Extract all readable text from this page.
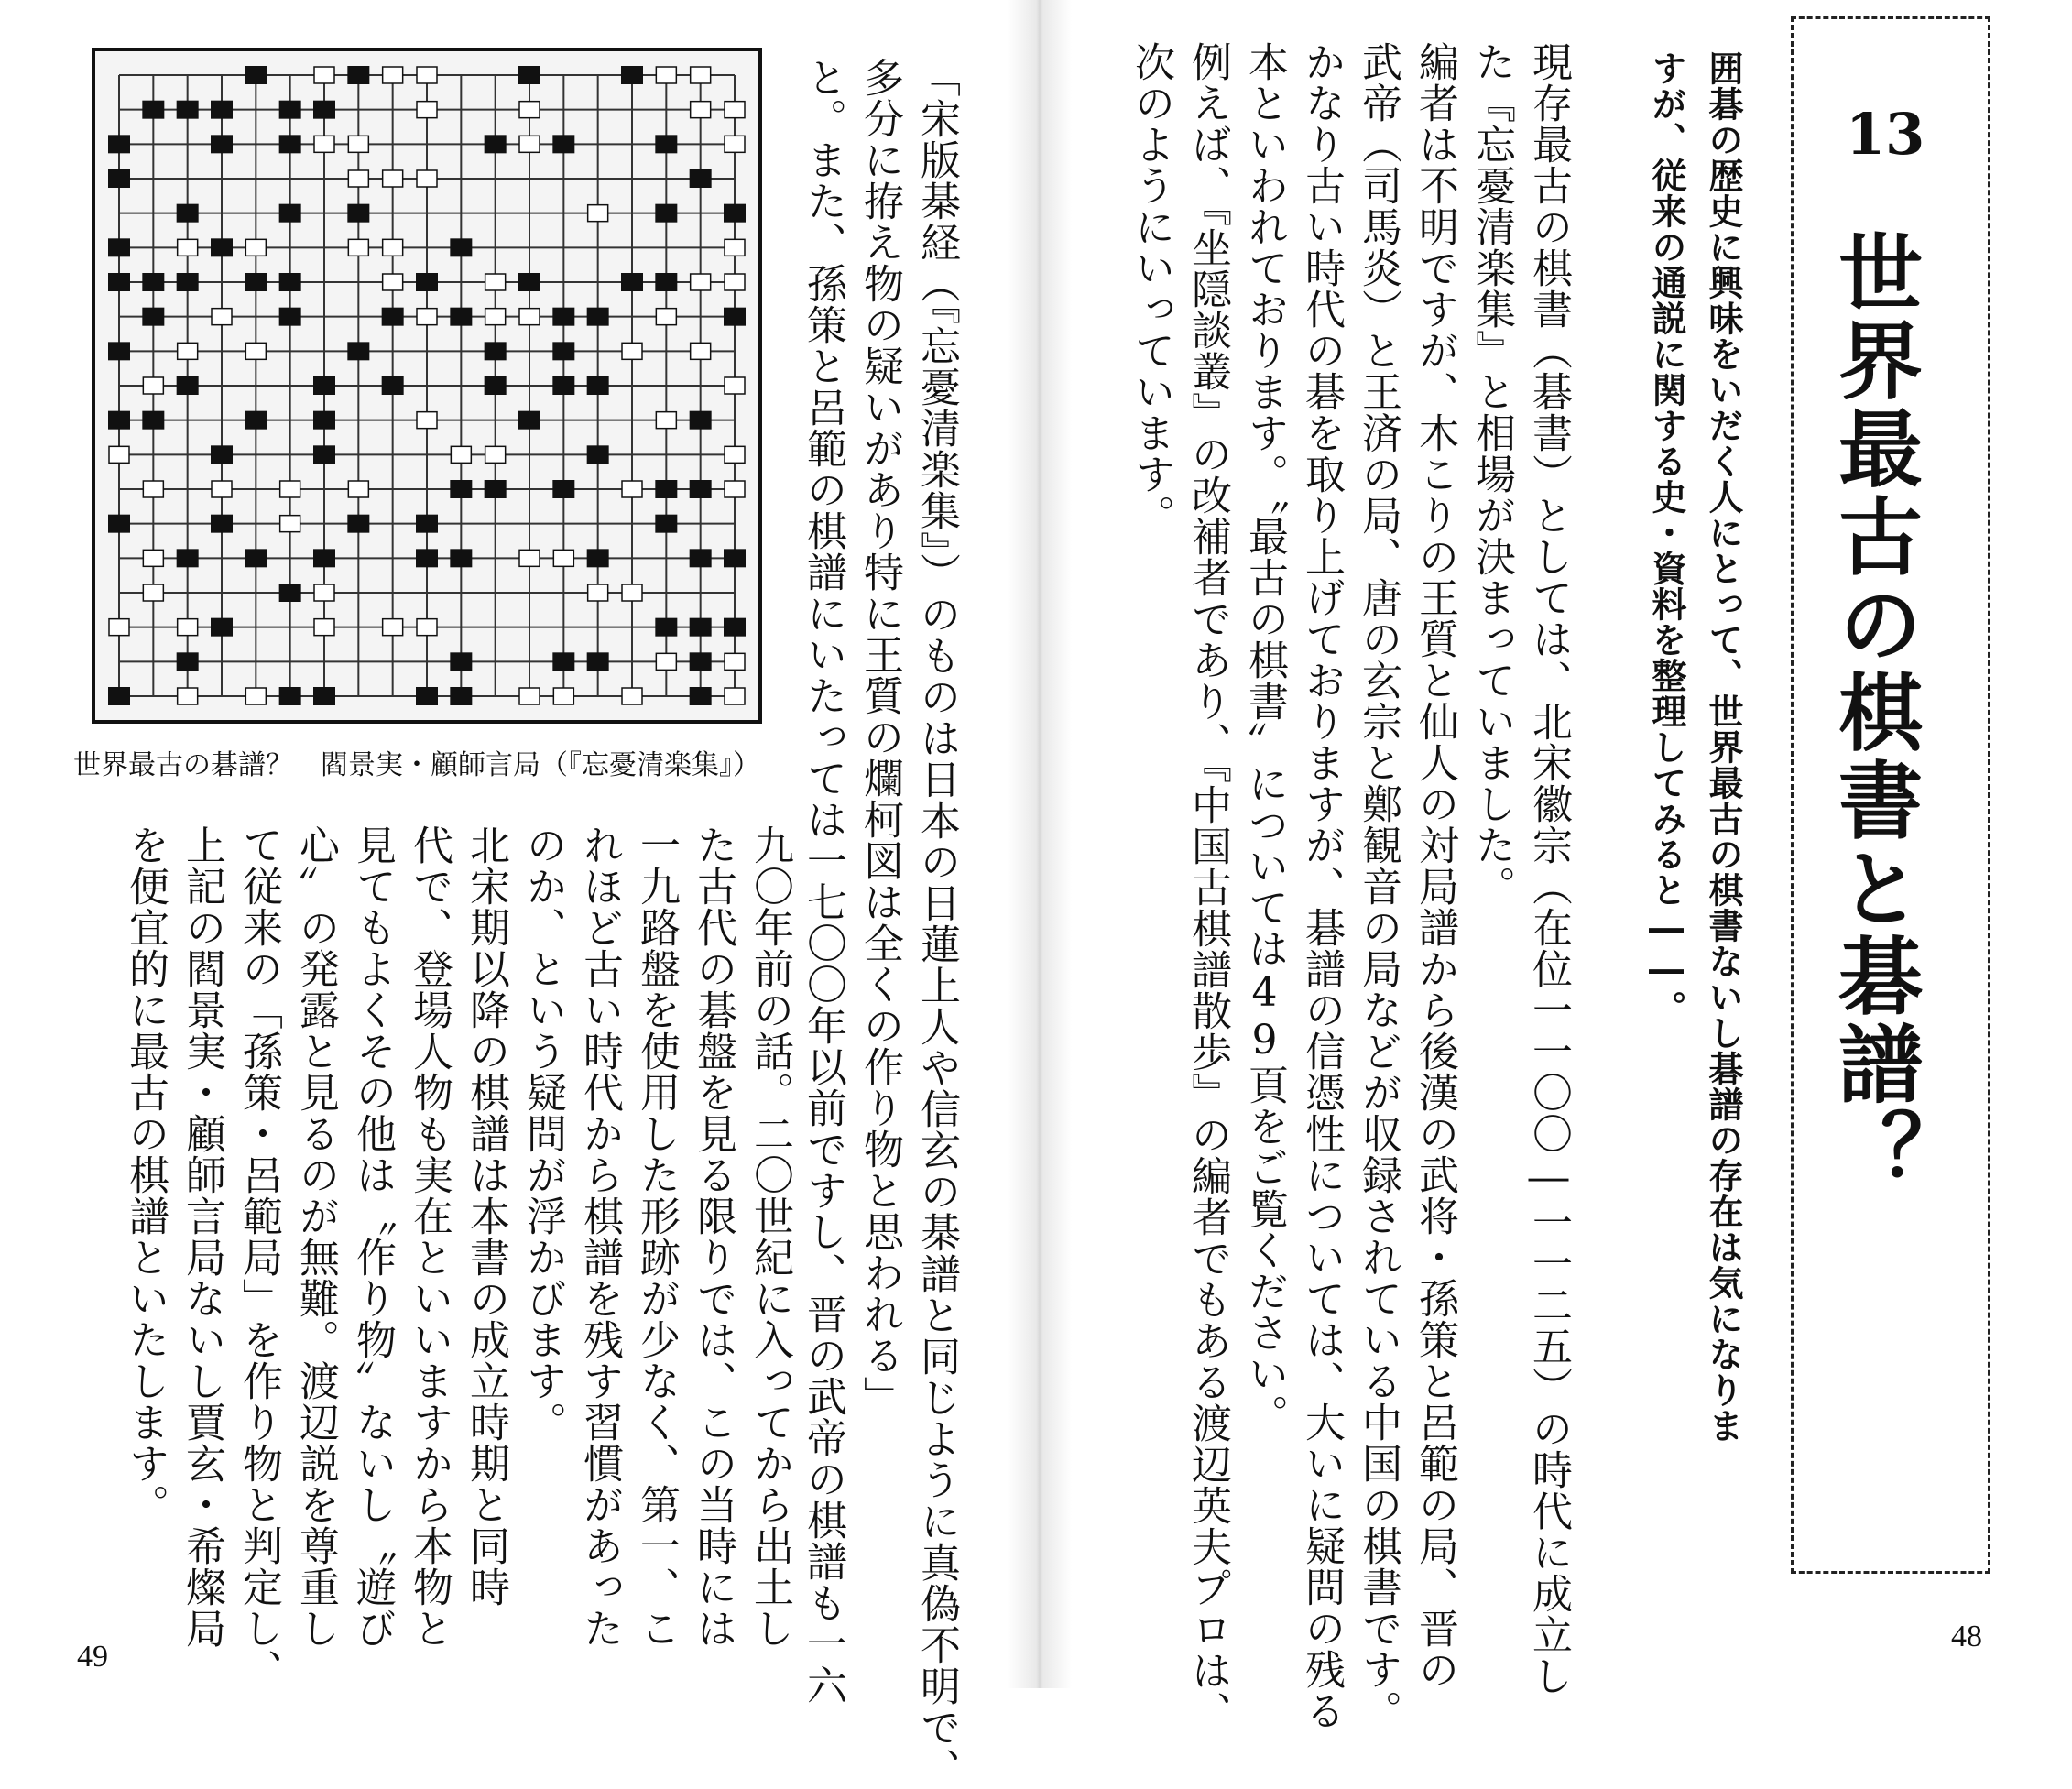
13
世界最古の棋書と碁譜？
囲碁の歴史に興味をいだく人にとって、世界最古の棋書ないし碁譜の存在は気になりま
すが、従来の通説に関する史・資料を整理してみると――。
現存最古の棋書（碁書）としては、北宋徽宗（在位一一〇〇―一一二五）の時代に成立し
た『忘憂清楽集』と相場が決まっていました。
編者は不明ですが、木こりの王質と仙人の対局譜から後漢の武将・孫策と呂範の局、晋の
武帝（司馬炎）と王済の局、唐の玄宗と鄭観音の局などが収録されている中国の棋書です。
かなり古い時代の碁を取り上げておりますが、碁譜の信憑性については、大いに疑問の残る
本といわれております。〝最古の棋書〟については49頁をご覧ください。
例えば、『坐隠談叢』の改補者であり、『中国古棋譜散歩』の編者でもある渡辺英夫プロは、
次のようにいっています。
48
「宋版棊経（『忘憂清楽集』）のものは日本の日蓮上人や信玄の棊譜と同じように真偽不明で、
多分に拵え物の疑いがあり特に王質の爛柯図は全くの作り物と思われる」
と。また、孫策と呂範の棋譜にいたっては一七〇〇年以前ですし、晋の武帝の棋譜も一六
九〇年前の話。二〇世紀に入ってから出土し
た古代の碁盤を見る限りでは、この当時には
一九路盤を使用した形跡が少なく、第一、こ
れほど古い時代から棋譜を残す習慣があった
のか、という疑問が浮かびます。
北宋期以降の棋譜は本書の成立時期と同時
代で、登場人物も実在といいますから本物と
見てもよくその他は〝作り物〟ないし〝遊び
心〟の発露と見るのが無難。渡辺説を尊重し
て従来の「孫策・呂範局」を作り物と判定し、
上記の閻景実・顧師言局ないし賈玄・希燦局
を便宜的に最古の棋譜といたします。
世界最古の碁譜？　閻景実・顧師言局（『忘憂清楽集』）
49
